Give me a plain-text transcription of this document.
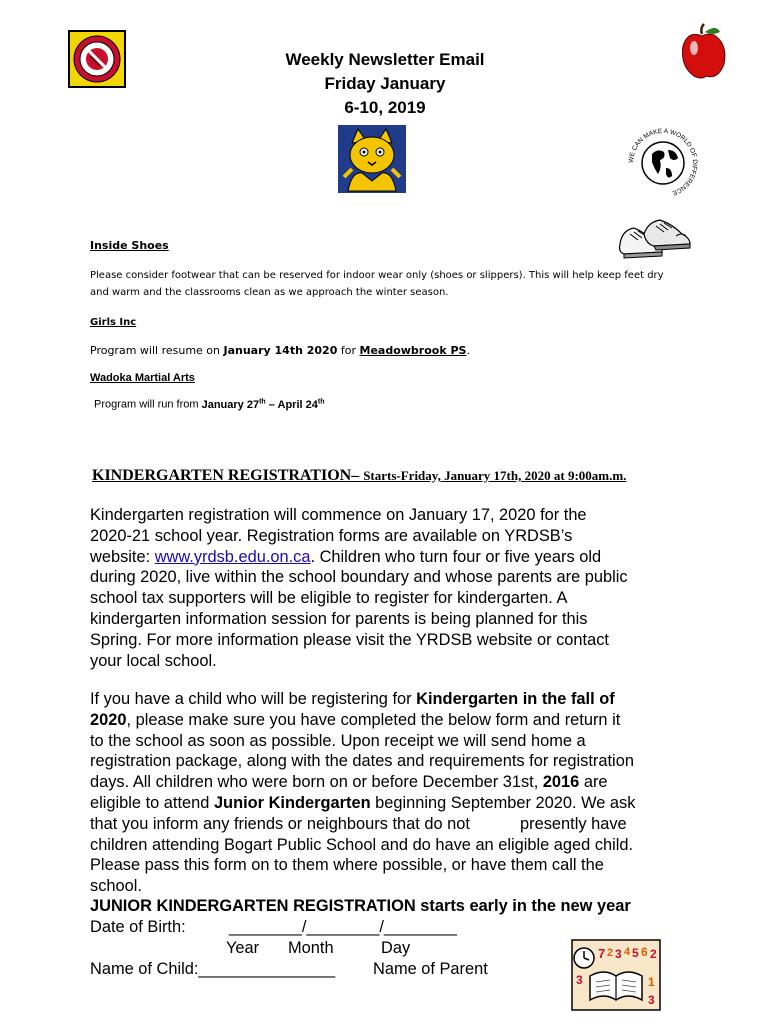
Weekly Newsletter Email
Friday January
6-10, 2019
WE CAN MAKE A WORLD OF DIFFERENCE
Inside Shoes
Please consider footwear that can be reserved for indoor wear only (shoes or slippers). This will help keep feet dry
and warm and the classrooms clean as we approach the winter season.
Girls Inc
Program will resume on January 14th 2020 for Meadowbrook PS.
Wadoka Martial Arts
Program will run from January 27th – April 24th
KINDERGARTEN REGISTRATION– Starts-Friday, January 17th, 2020 at 9:00am.m.
Kindergarten registration will commence on January 17, 2020 for the
2020-21 school year. Registration forms are available on YRDSB’s
website: www.yrdsb.edu.on.ca. Children who turn four or five years old
during 2020, live within the school boundary and whose parents are public
school tax supporters will be eligible to register for kindergarten. A
kindergarten information session for parents is being planned for this
Spring. For more information please visit the YRDSB website or contact
your local school.
If you have a child who will be registering for Kindergarten in the fall of
2020, please make sure you have completed the below form and return it
to the school as soon as possible. Upon receipt we will send home a
registration package, along with the dates and requirements for registration
days. All children who were born on or before December 31st, 2016 are
eligible to attend Junior Kindergarten beginning September 2020. We ask
that you inform any friends or neighbours that do not           presently have
children attending Bogart Public School and do have an eligible aged child.
Please pass this form on to them where possible, or have them call the
school.
JUNIOR KINDERGARTEN REGISTRATION starts early in the new year
Date of Birth:	________/________/________
Year Month	Day
Name of Child:_______________ Name of Parent
7 2 3 4 5 6 2
3	1
3
